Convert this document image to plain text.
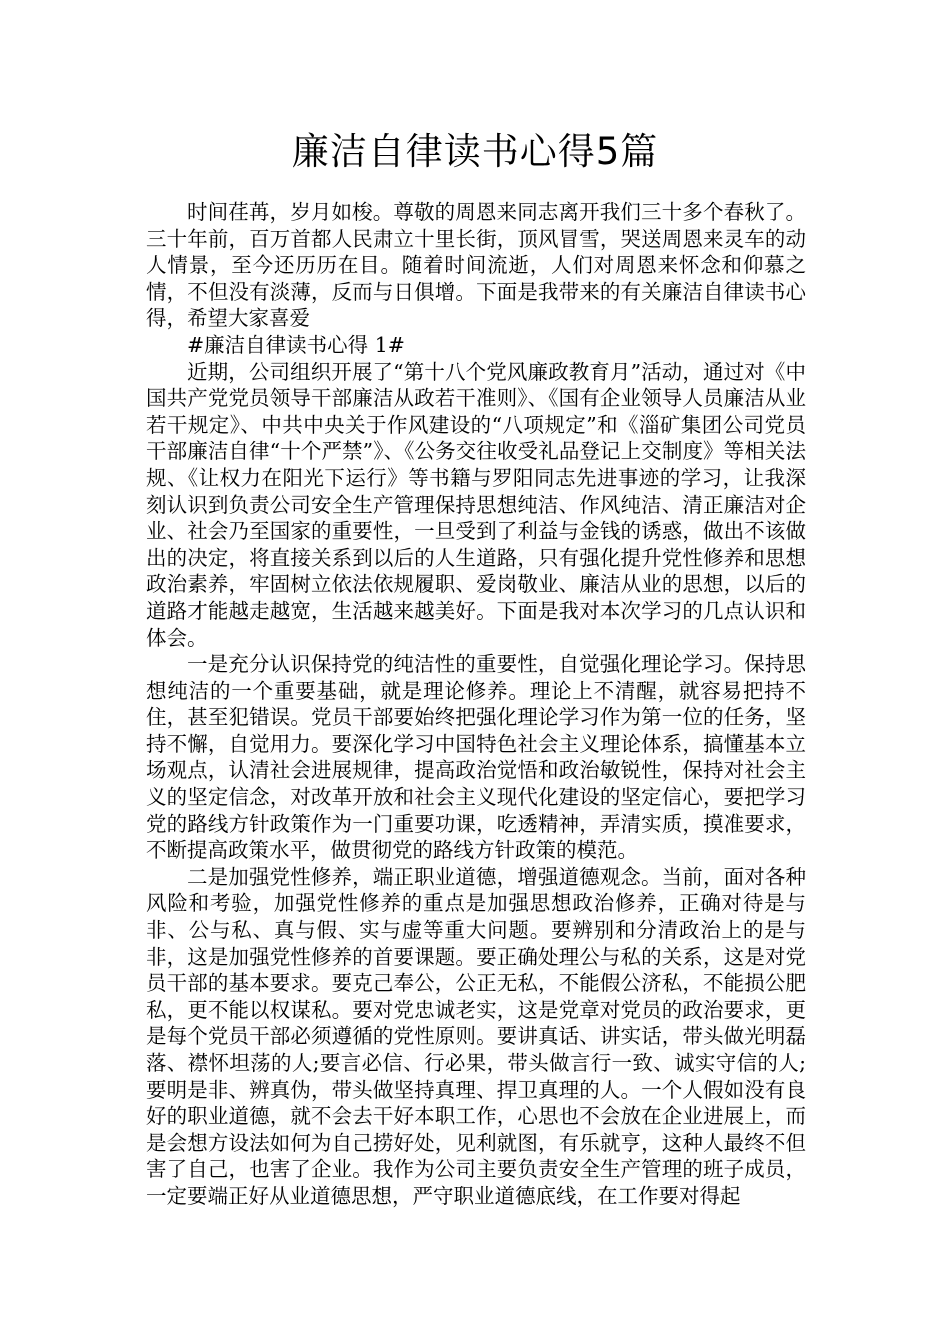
廉洁自律读书心得5篇

时间荏苒，岁月如梭。尊敬的周恩来同志离开我们三十多个春秋了。三十年前，百万首都人民肃立十里长街，顶风冒雪，哭送周恩来灵车的动人情景，至今还历历在目。随着时间流逝，人们对周恩来怀念和仰慕之情，不但没有淡薄，反而与日俱增。下面是我带来的有关廉洁自律读书心得，希望大家喜爱

#廉洁自律读书心得 1#

近期，公司组织开展了“第十八个党风廉政教育月”活动，通过对《中国共产党党员领导干部廉洁从政若干准则》、《国有企业领导人员廉洁从业若干规定》、中共中央关于作风建设的“八项规定”和《淄矿集团公司党员干部廉洁自律“十个严禁”》、《公务交往收受礼品登记上交制度》等相关法规、《让权力在阳光下运行》等书籍与罗阳同志先进事迹的学习，让我深刻认识到负责公司安全生产管理保持思想纯洁、作风纯洁、清正廉洁对企业、社会乃至国家的重要性，一旦受到了利益与金钱的诱惑，做出不该做出的决定，将直接关系到以后的人生道路，只有强化提升党性修养和思想政治素养，牢固树立依法依规履职、爱岗敬业、廉洁从业的思想，以后的道路才能越走越宽，生活越来越美好。下面是我对本次学习的几点认识和体会。

一是充分认识保持党的纯洁性的重要性，自觉强化理论学习。保持思想纯洁的一个重要基础，就是理论修养。理论上不清醒，就容易把持不住，甚至犯错误。党员干部要始终把强化理论学习作为第一位的任务，坚持不懈，自觉用力。要深化学习中国特色社会主义理论体系，搞懂基本立场观点，认清社会进展规律，提高政治觉悟和政治敏锐性，保持对社会主义的坚定信念，对改革开放和社会主义现代化建设的坚定信心，要把学习党的路线方针政策作为一门重要功课，吃透精神，弄清实质，摸准要求，不断提高政策水平，做贯彻党的路线方针政策的模范。

二是加强党性修养，端正职业道德，增强道德观念。当前，面对各种风险和考验，加强党性修养的重点是加强思想政治修养，正确对待是与非、公与私、真与假、实与虚等重大问题。要辨别和分清政治上的是与非，这是加强党性修养的首要课题。要正确处理公与私的关系，这是对党员干部的基本要求。要克己奉公，公正无私，不能假公济私，不能损公肥私，更不能以权谋私。要对党忠诚老实，这是党章对党员的政治要求，更是每个党员干部必须遵循的党性原则。要讲真话、讲实话，带头做光明磊落、襟怀坦荡的人;要言必信、行必果，带头做言行一致、诚实守信的人;要明是非、辨真伪，带头做坚持真理、捍卫真理的人。一个人假如没有良好的职业道德，就不会去干好本职工作，心思也不会放在企业进展上，而是会想方设法如何为自己捞好处，见利就图，有乐就亨，这种人最终不但害了自己，也害了企业。我作为公司主要负责安全生产管理的班子成员，一定要端正好从业道德思想，严守职业道德底线，在工作要对得起
